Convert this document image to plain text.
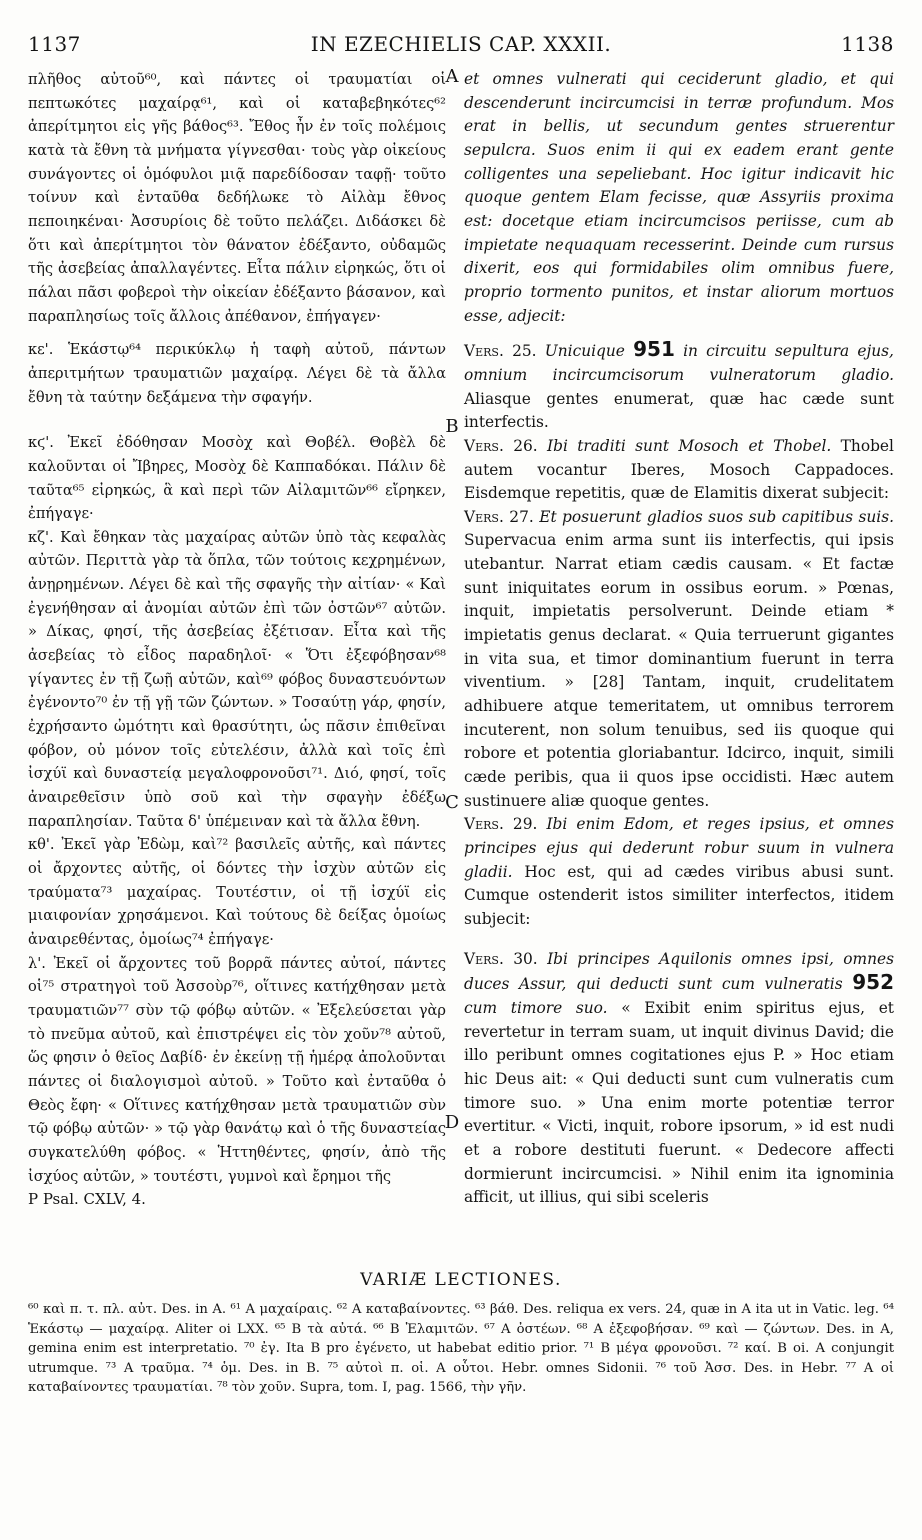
1137	IN EZECHIELIS CAP. XXXII.	1138
A
B
C
D

πλῆθος αὐτοῦ⁶⁰, καὶ πάντες οἱ τραυματίαι οἱ πεπτωκότες μαχαίρᾳ⁶¹, καὶ οἱ καταβεβηκότες⁶² ἀπερίτμητοι εἰς γῆς βάθος⁶³. Ἔθος ἦν ἐν τοῖς πολέμοις κατὰ τὰ ἔθνη τὰ μνήματα γίγνεσθαι· τοὺς γὰρ οἰκείους συνάγοντες οἱ ὁμόφυλοι μιᾷ παρεδίδοσαν ταφῇ· τοῦτο τοίνυν καὶ ἐνταῦθα δεδήλωκε τὸ Αἰλὰμ ἔθνος πεποιηκέναι· Ἀσσυρίοις δὲ τοῦτο πελάζει. Διδάσκει δὲ ὅτι καὶ ἀπερίτμητοι τὸν θάνατον ἐδέξαντο, οὐδαμῶς τῆς ἀσεβείας ἀπαλλαγέντες. Εἶτα πάλιν εἰρηκώς, ὅτι οἱ πάλαι πᾶσι φοβεροὶ τὴν οἰκείαν ἐδέξαντο βάσανον, καὶ παραπλησίως τοῖς ἄλλοις ἀπέθανον, ἐπήγαγεν·

κε'. Ἑκάστῳ⁶⁴ περικύκλῳ ἡ ταφὴ αὐτοῦ, πάντων ἀπεριτμήτων τραυματιῶν μαχαίρᾳ. Λέγει δὲ τὰ ἄλλα ἔθνη τὰ ταύτην δεξάμενα τὴν σφαγήν.

κϛ'. Ἐκεῖ ἐδόθησαν Μοσὸχ καὶ Θοβέλ. Θοβὲλ δὲ καλοῦνται οἱ Ἴβηρες, Μοσὸχ δὲ Καππαδόκαι. Πάλιν δὲ ταῦτα⁶⁵ εἰρηκώς, ἃ καὶ περὶ τῶν Αἰλαμιτῶν⁶⁶ εἴρηκεν, ἐπήγαγε·

κζ'. Καὶ ἔθηκαν τὰς μαχαίρας αὐτῶν ὑπὸ τὰς κεφαλὰς αὐτῶν. Περιττὰ γὰρ τὰ ὅπλα, τῶν τούτοις κεχρημένων, ἀνῃρημένων. Λέγει δὲ καὶ τῆς σφαγῆς τὴν αἰτίαν· « Καὶ ἐγενήθησαν αἱ ἀνομίαι αὐτῶν ἐπὶ τῶν ὀστῶν⁶⁷ αὐτῶν. » Δίκας, φησί, τῆς ἀσεβείας ἐξέτισαν. Εἶτα καὶ τῆς ἀσεβείας τὸ εἶδος παραδηλοῖ· « Ὅτι ἐξεφόβησαν⁶⁸ γίγαντες ἐν τῇ ζωῇ αὐτῶν, καὶ⁶⁹ φόβος δυναστευόντων ἐγένοντο⁷⁰ ἐν τῇ γῇ τῶν ζώντων. » Τοσαύτῃ γάρ, φησίν, ἐχρήσαντο ὠμότητι καὶ θρασύτητι, ὡς πᾶσιν ἐπιθεῖναι φόβον, οὐ μόνον τοῖς εὐτελέσιν, ἀλλὰ καὶ τοῖς ἐπὶ ἰσχύϊ καὶ δυναστείᾳ μεγαλοφρονοῦσι⁷¹. Διό, φησί, τοῖς ἀναιρεθεῖσιν ὑπὸ σοῦ καὶ τὴν σφαγὴν ἐδέξω παραπλησίαν. Ταῦτα δ' ὑπέμειναν καὶ τὰ ἄλλα ἔθνη.

κθ'. Ἐκεῖ γὰρ Ἐδὼμ, καὶ⁷² βασιλεῖς αὐτῆς, καὶ πάντες οἱ ἄρχοντες αὐτῆς, οἱ δόντες τὴν ἰσχὺν αὐτῶν εἰς τραύματα⁷³ μαχαίρας. Τουτέστιν, οἱ τῇ ἰσχύϊ εἰς μιαιφονίαν χρησάμενοι. Καὶ τούτους δὲ δείξας ὁμοίως ἀναιρεθέντας, ὁμοίως⁷⁴ ἐπήγαγε·

λ'. Ἐκεῖ οἱ ἄρχοντες τοῦ βορρᾶ πάντες αὐτοί, πάντες οἱ⁷⁵ στρατηγοὶ τοῦ Ἀσσοὺρ⁷⁶, οἵτινες κατήχθησαν μετὰ τραυματιῶν⁷⁷ σὺν τῷ φόβῳ αὐτῶν. « Ἐξελεύσεται γὰρ τὸ πνεῦμα αὐτοῦ, καὶ ἐπιστρέψει εἰς τὸν χοῦν⁷⁸ αὐτοῦ, ὥς φησιν ὁ θεῖος Δαβίδ· ἐν ἐκείνῃ τῇ ἡμέρᾳ ἀπολοῦνται πάντες οἱ διαλογισμοὶ αὐτοῦ. » Τοῦτο καὶ ἐνταῦθα ὁ Θεὸς ἔφη· « Οἵτινες κατήχθησαν μετὰ τραυματιῶν σὺν τῷ φόβῳ αὐτῶν· » τῷ γὰρ θανάτῳ καὶ ὁ τῆς δυναστείας συγκατελύθη φόβος. « Ἡττηθέντες, φησίν, ἀπὸ τῆς ἰσχύος αὐτῶν, » τουτέστι, γυμνοὶ καὶ ἔρημοι τῆς

P Psal. CXLV, 4.

et omnes vulnerati qui ceciderunt gladio, et qui descenderunt incircumcisi in terræ profundum. Mos erat in bellis, ut secundum gentes struerentur sepulcra. Suos enim ii qui ex eadem erant gente colligentes una sepeliebant. Hoc igitur indicavit hic quoque gentem Elam fecisse, quæ Assyriis proxima est: docetque etiam incircumcisos periisse, cum ab impietate nequaquam recesserint. Deinde cum rursus dixerit, eos qui formidabiles olim omnibus fuere, proprio tormento punitos, et instar aliorum mortuos esse, adjecit:

Vers. 25. Unicuique 951 in circuitu sepultura ejus, omnium incircumcisorum vulneratorum gladio. Aliasque gentes enumerat, quæ hac cæde sunt interfectis.

Vers. 26. Ibi traditi sunt Mosoch et Thobel. Thobel autem vocantur Iberes, Mosoch Cappadoces. Eisdemque repetitis, quæ de Elamitis dixerat subjecit:

Vers. 27. Et posuerunt gladios suos sub capitibus suis. Supervacua enim arma sunt iis interfectis, qui ipsis utebantur. Narrat etiam cædis causam. « Et factæ sunt iniquitates eorum in ossibus eorum. » Pœnas, inquit, impietatis persolverunt. Deinde etiam * impietatis genus declarat. « Quia terruerunt gigantes in vita sua, et timor dominantium fuerunt in terra viventium. » [28] Tantam, inquit, crudelitatem adhibuere atque temeritatem, ut omnibus terrorem incuterent, non solum tenuibus, sed iis quoque qui robore et potentia gloriabantur. Idcirco, inquit, simili cæde peribis, qua ii quos ipse occidisti. Hæc autem sustinuere aliæ quoque gentes.

Vers. 29. Ibi enim Edom, et reges ipsius, et omnes principes ejus qui dederunt robur suum in vulnera gladii. Hoc est, qui ad cædes viribus abusi sunt. Cumque ostenderit istos similiter interfectos, itidem subjecit:

Vers. 30. Ibi principes Aquilonis omnes ipsi, omnes duces Assur, qui deducti sunt cum vulneratis 952 cum timore suo. « Exibit enim spiritus ejus, et revertetur in terram suam, ut inquit divinus David; die illo peribunt omnes cogitationes ejus P. » Hoc etiam hic Deus ait: « Qui deducti sunt cum vulneratis cum timore suo. » Una enim morte potentiæ terror evertitur. « Victi, inquit, robore ipsorum, » id est nudi et a robore destituti fuerunt. « Dedecore affecti dormierunt incircumcisi. » Nihil enim ita ignominia afficit, ut illius, qui sibi sceleris

VARIÆ LECTIONES.

⁶⁰ καὶ π. τ. πλ. αὐτ. Des. in A. ⁶¹ A μαχαίραις. ⁶² A καταβαίνοντες. ⁶³ βάθ. Des. reliqua ex vers. 24, quæ in A ita ut in Vatic. leg. ⁶⁴ Ἑκάστῳ — μαχαίρᾳ. Aliter oi LXX. ⁶⁵ B τὰ αὐτά. ⁶⁶ B Ἐλαμιτῶν. ⁶⁷ A ὀστέων. ⁶⁸ A ἐξεφοβήσαν. ⁶⁹ καὶ — ζώντων. Des. in A, gemina enim est interpretatio. ⁷⁰ ἐγ. Ita B pro ἐγένετο, ut habebat editio prior. ⁷¹ B μέγα φρονοῦσι. ⁷² καί. B oi. A conjungit utrumque. ⁷³ A τραῦμα. ⁷⁴ ὁμ. Des. in B. ⁷⁵ αὐτοὶ π. οἱ. A οὗτοι. Hebr. omnes Sidonii. ⁷⁶ τοῦ Ἀσσ. Des. in Hebr. ⁷⁷ A οἱ καταβαίνοντες τραυματίαι. ⁷⁸ τὸν χοῦν. Supra, tom. I, pag. 1566, τὴν γῆν.
